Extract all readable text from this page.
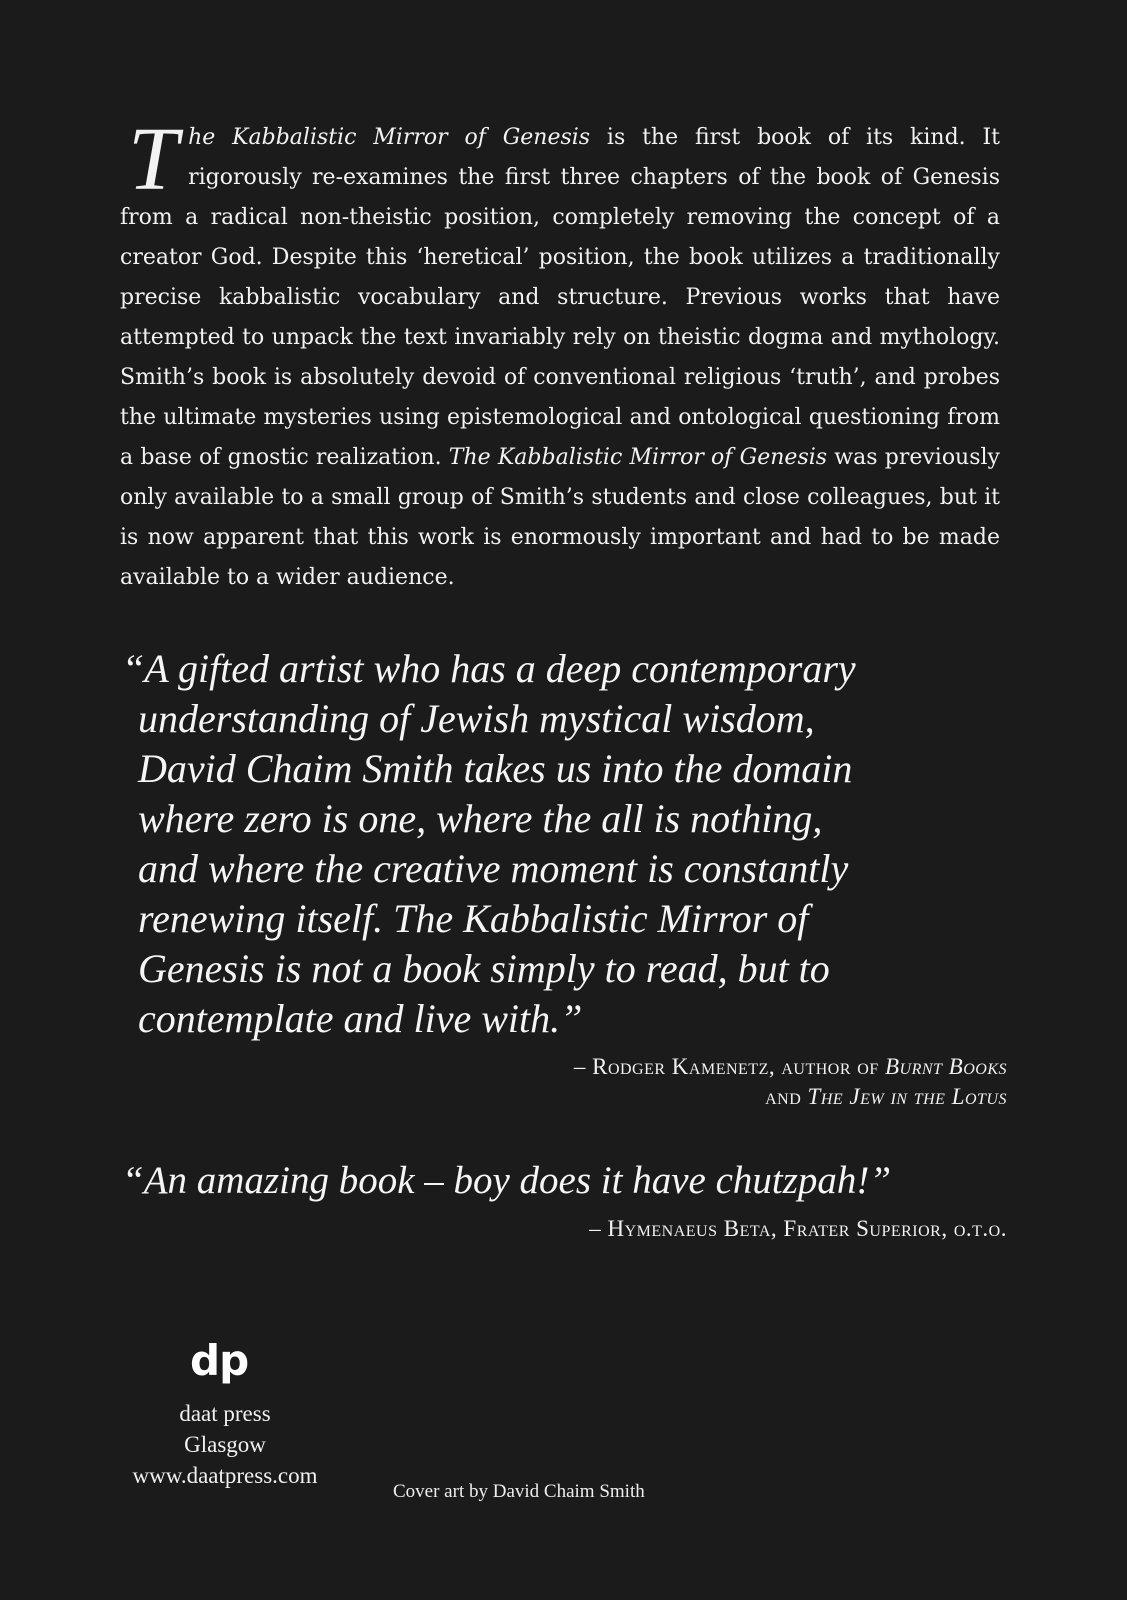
The Kabbalistic Mirror of Genesis is the first book of its kind. It rigorously re-examines the first three chapters of the book of Genesis from a radical non-theistic position, completely removing the concept of a creator God. Despite this ‘heretical’ position, the book utilizes a traditionally precise kabbalistic vocabulary and structure. Previous works that have attempted to unpack the text invariably rely on theistic dogma and mythology. Smith’s book is absolutely devoid of conventional religious ‘truth’, and probes the ultimate mysteries using epistemological and ontological questioning from a base of gnostic realization. The Kabbalistic Mirror of Genesis was previously only available to a small group of Smith’s students and close colleagues, but it is now apparent that this work is enormously important and had to be made available to a wider audience.

“A gifted artist who has a deep contemporary
understanding of Jewish mystical wisdom,
David Chaim Smith takes us into the domain
where zero is one, where the all is nothing,
and where the creative moment is constantly
renewing itself. The Kabbalistic Mirror of
Genesis is not a book simply to read, but to
contemplate and live with.”

– Rodger Kamenetz, author of Burnt Books
and The Jew in the Lotus

“An amazing book – boy does it have chutzpah!”

– Hymenaeus Beta, Frater Superior, o.t.o.

dp
daat press
Glasgow
www.daatpress.com
Cover art by David Chaim Smith
